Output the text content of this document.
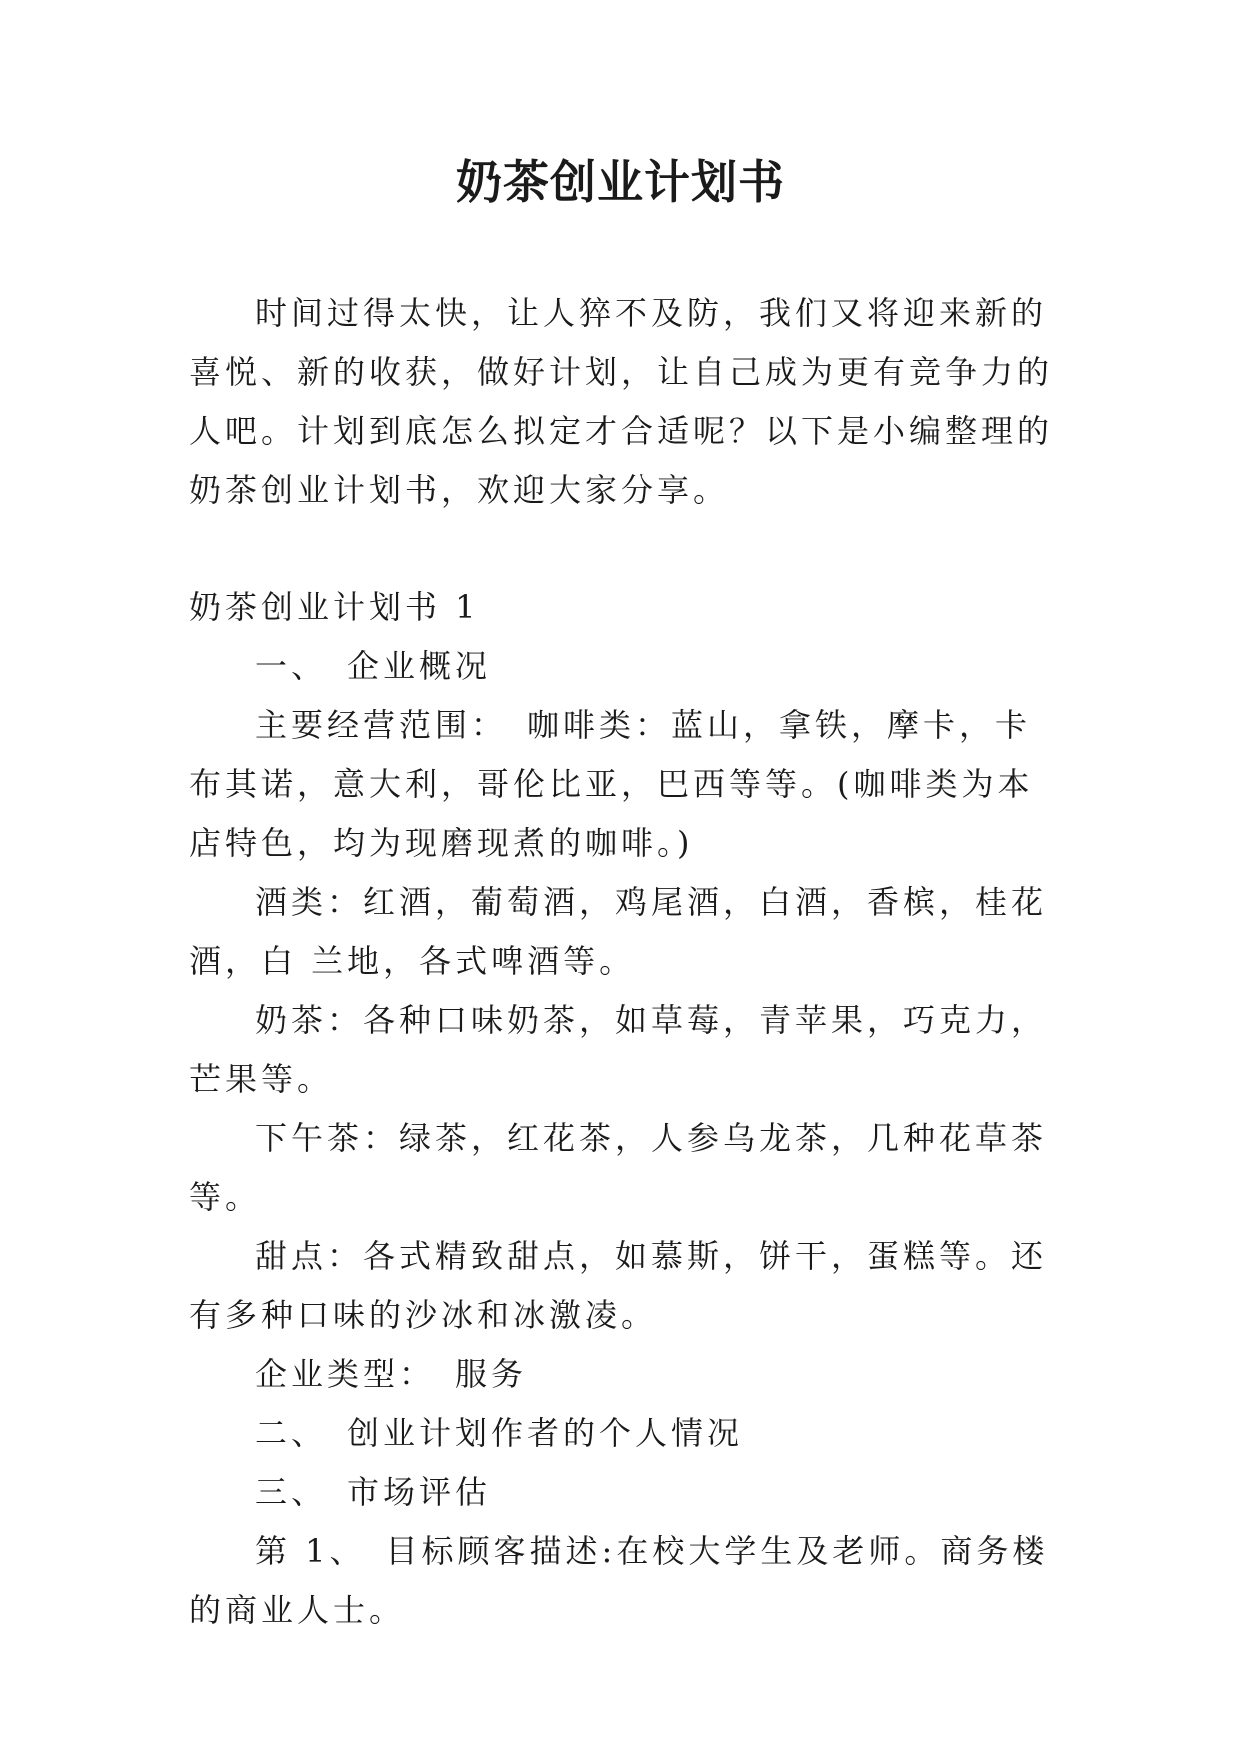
奶茶创业计划书

时间过得太快，让人猝不及防，我们又将迎来新的喜悦、新的收获，做好计划，让自己成为更有竞争力的人吧。计划到底怎么拟定才合适呢？以下是小编整理的奶茶创业计划书，欢迎大家分享。

奶茶创业计划书 1

一、　企业概况

主要经营范围：　咖啡类：蓝山，拿铁，摩卡，卡布其诺，意大利，哥伦比亚，巴西等等。(咖啡类为本店特色，均为现磨现煮的咖啡。)

酒类：红酒，葡萄酒，鸡尾酒，白酒，香槟，桂花酒，白 兰地，各式啤酒等。

奶茶：各种口味奶茶，如草莓，青苹果，巧克力，芒果等。

下午茶：绿茶，红花茶，人参乌龙茶，几种花草茶等。

甜点：各式精致甜点，如慕斯，饼干，蛋糕等。还有多种口味的沙冰和冰激凌。

企业类型：　服务

二、　创业计划作者的个人情况

三、　市场评估

第 1、　目标顾客描述:在校大学生及老师。商务楼的商业人士。
